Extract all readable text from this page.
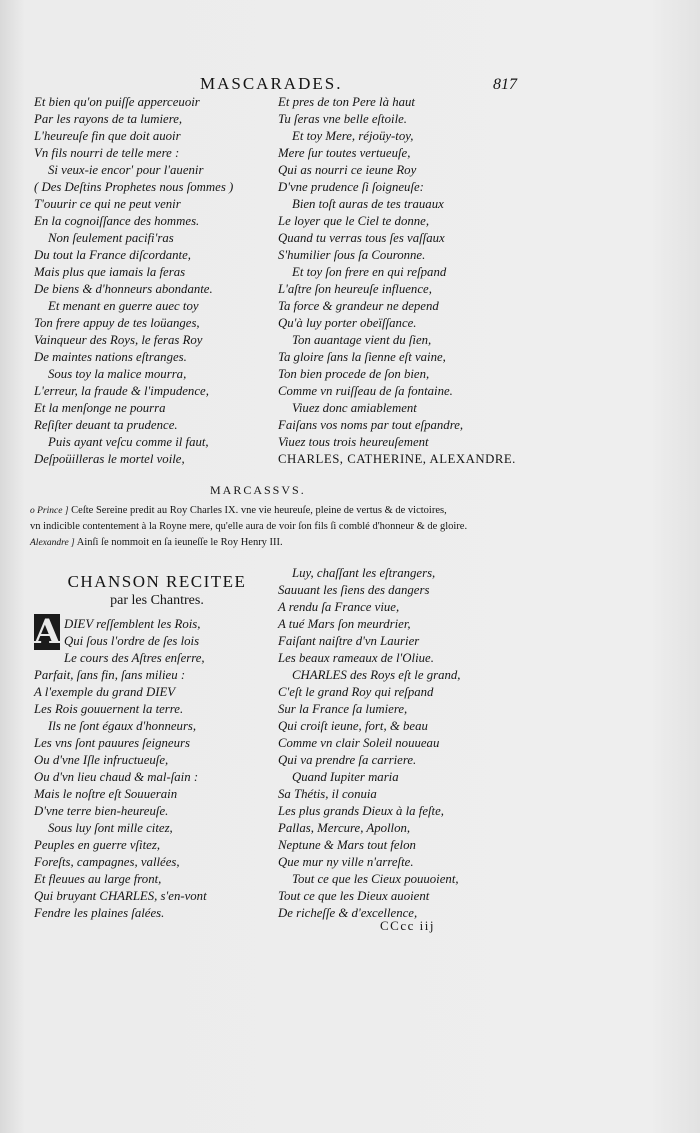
MASCARADES.	817
Et bien qu'on puiſſe apperceuoir
Par les rayons de ta lumiere,
L'heureuſe fin que doit auoir
Vn fils nourri de telle mere :
Si veux-ie encor' pour l'auenir
( Des Deſtins Prophetes nous ſommes )
T'ouurir ce qui ne peut venir
En la cognoiſſance des hommes.
Non ſeulement pacifi'ras
Du tout la France diſcordante,
Mais plus que iamais la feras
De biens & d'honneurs abondante.
Et menant en guerre auec toy
Ton frere appuy de tes loüanges,
Vainqueur des Roys, le feras Roy
De maintes nations eſtranges.
Sous toy la malice mourra,
L'erreur, la fraude & l'impudence,
Et la menſonge ne pourra
Reſiſter deuant ta prudence.
Puis ayant veſcu comme il faut,
Deſpoüilleras le mortel voile,
Et pres de ton Pere là haut
Tu ſeras vne belle eſtoile.
Et toy Mere, réjoüy-toy,
Mere ſur toutes vertueuſe,
Qui as nourri ce ieune Roy
D'vne prudence ſi ſoigneuſe:
Bien toſt auras de tes trauaux
Le loyer que le Ciel te donne,
Quand tu verras tous ſes vaſſaux
S'humilier ſous ſa Couronne.
Et toy ſon frere en qui reſpand
L'aſtre ſon heureuſe influence,
Ta force & grandeur ne depend
Qu'à luy porter obeïſſance.
Ton auantage vient du ſien,
Ta gloire ſans la ſienne eſt vaine,
Ton bien procede de ſon bien,
Comme vn ruiſſeau de ſa fontaine.
Viuez donc amiablement
Faiſans vos noms par tout eſpandre,
Viuez tous trois heureuſement
CHARLES, CATHERINE, ALEXANDRE.
MARCASSVS.
o Prince ] Ceſte Sereine predit au Roy Charles IX. vne vie heureuſe, pleine de vertus & de victoires,
vn indicible contentement à la Royne mere, qu'elle aura de voir ſon fils ſi comblé d'honneur & de gloire.
Alexandre ] Ainſi ſe nommoit en ſa ieuneſſe le Roy Henry III.
CHANSON RECITEE
par les Chantres.
A DIEV reſſemblent les Rois,
Qui ſous l'ordre de ſes lois
Le cours des Aſtres enſerre,
Parfait, ſans fin, ſans milieu :
A l'exemple du grand DIEV
Les Rois gouuernent la terre.
Ils ne ſont égaux d'honneurs,
Les vns ſont pauures ſeigneurs
Ou d'vne Iſle infructueuſe,
Ou d'vn lieu chaud & mal-ſain :
Mais le noſtre eſt Souuerain
D'vne terre bien-heureuſe.
Sous luy ſont mille citez,
Peuples en guerre vſitez,
Foreſts, campagnes, vallées,
Et fleuues au large front,
Qui bruyant CHARLES, s'en-vont
Fendre les plaines ſalées.
Luy, chaſſant les eſtrangers,
Sauuant les ſiens des dangers
A rendu ſa France viue,
A tué Mars ſon meurdrier,
Faiſant naiſtre d'vn Laurier
Les beaux rameaux de l'Oliue.
CHARLES des Roys eſt le grand,
C'eſt le grand Roy qui reſpand
Sur la France ſa lumiere,
Qui croiſt ieune, fort, & beau
Comme vn clair Soleil nouueau
Qui va prendre ſa carriere.
Quand Iupiter maria
Sa Thétis, il conuia
Les plus grands Dieux à la feſte,
Pallas, Mercure, Apollon,
Neptune & Mars tout felon
Que mur ny ville n'arreſte.
Tout ce que les Cieux pouuoient,
Tout ce que les Dieux auoient
De richeſſe & d'excellence,
CCcc iij
